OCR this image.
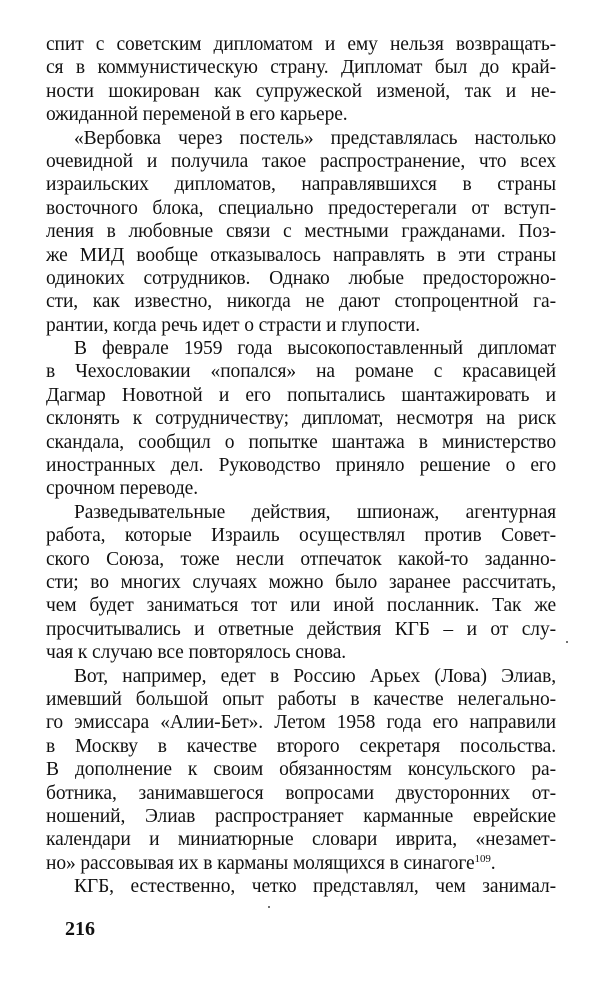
спит с советским дипломатом и ему нельзя возвращать-
ся в коммунистическую страну. Дипломат был до край-
ности шокирован как супружеской изменой, так и не-
ожиданной переменой в его карьере.

«Вербовка через постель» представлялась настолько
очевидной и получила такое распространение, что всех
израильских дипломатов, направлявшихся в страны
восточного блока, специально предостерегали от вступ-
ления в любовные связи с местными гражданами. Поз-
же МИД вообще отказывалось направлять в эти страны
одиноких сотрудников. Однако любые предосторожно-
сти, как известно, никогда не дают стопроцентной га-
рантии, когда речь идет о страсти и глупости.

В феврале 1959 года высокопоставленный дипломат
в Чехословакии «попался» на романе с красавицей
Дагмар Новотной и его попытались шантажировать и
склонять к сотрудничеству; дипломат, несмотря на риск
скандала, сообщил о попытке шантажа в министерство
иностранных дел. Руководство приняло решение о его
срочном переводе.

Разведывательные действия, шпионаж, агентурная
работа, которые Израиль осуществлял против Совет-
ского Союза, тоже несли отпечаток какой-то заданно-
сти; во многих случаях можно было заранее рассчитать,
чем будет заниматься тот или иной посланник. Так же
просчитывались и ответные действия КГБ – и от слу-
чая к случаю все повторялось снова.

Вот, например, едет в Россию Арьех (Лова) Элиав,
имевший большой опыт работы в качестве нелегально-
го эмиссара «Алии-Бет». Летом 1958 года его направили
в Москву в качестве второго секретаря посольства.
В дополнение к своим обязанностям консульского ра-
ботника, занимавшегося вопросами двусторонних от-
ношений, Элиав распространяет карманные еврейские
календари и миниатюрные словари иврита, «незамет-
но» рассовывая их в карманы молящихся в синагоге$^{109}$.

КГБ, естественно, четко представлял, чем занимал-

216
